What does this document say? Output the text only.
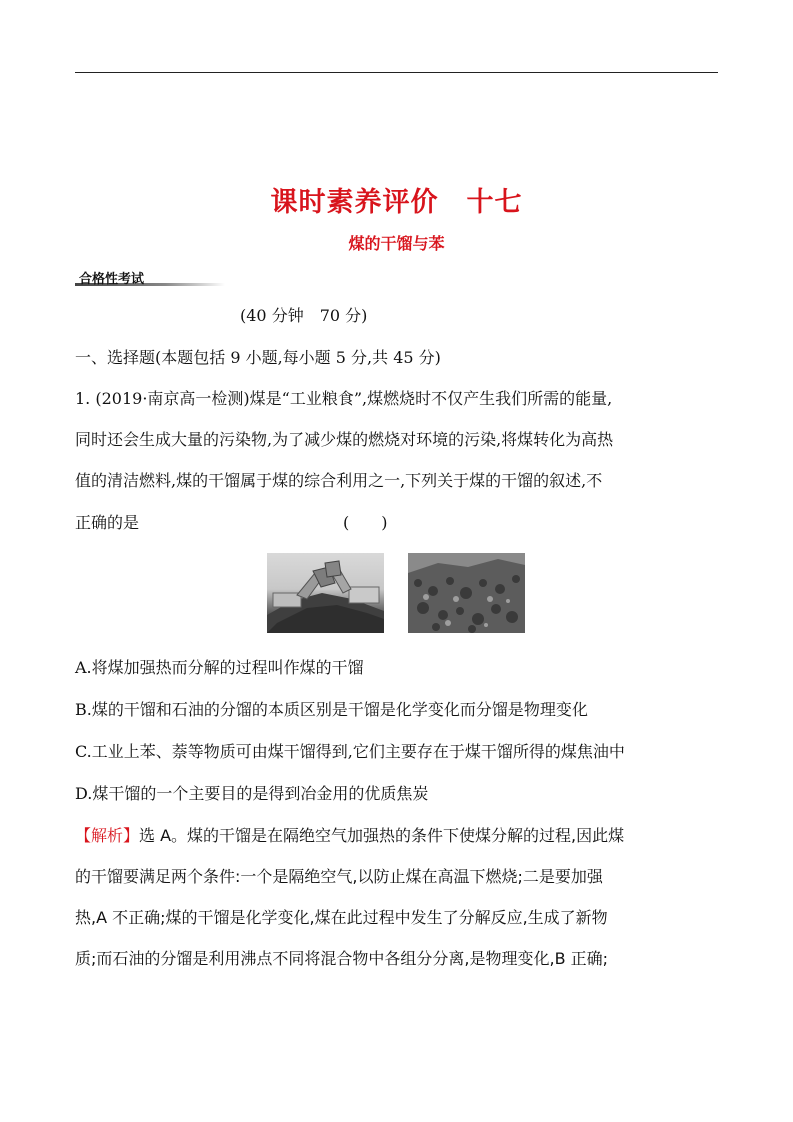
课时素养评价　十七
煤的干馏与苯
合格性考试
(40 分钟　70 分)
一、选择题(本题包括 9 小题,每小题 5 分,共 45 分)
1. (2019·南京高一检测)煤是“工业粮食”,煤燃烧时不仅产生我们所需的能量,
同时还会生成大量的污染物,为了减少煤的燃烧对环境的污染,将煤转化为高热
值的清洁燃料,煤的干馏属于煤的综合利用之一,下列关于煤的干馏的叙述,不
正确的是	(　　)
A.将煤加强热而分解的过程叫作煤的干馏
B.煤的干馏和石油的分馏的本质区别是干馏是化学变化而分馏是物理变化
C.工业上苯、萘等物质可由煤干馏得到,它们主要存在于煤干馏所得的煤焦油中
D.煤干馏的一个主要目的是得到冶金用的优质焦炭
【解析】选 A。煤的干馏是在隔绝空气加强热的条件下使煤分解的过程,因此煤
的干馏要满足两个条件:一个是隔绝空气,以防止煤在高温下燃烧;二是要加强
热,A 不正确;煤的干馏是化学变化,煤在此过程中发生了分解反应,生成了新物
质;而石油的分馏是利用沸点不同将混合物中各组分分离,是物理变化,B 正确;
